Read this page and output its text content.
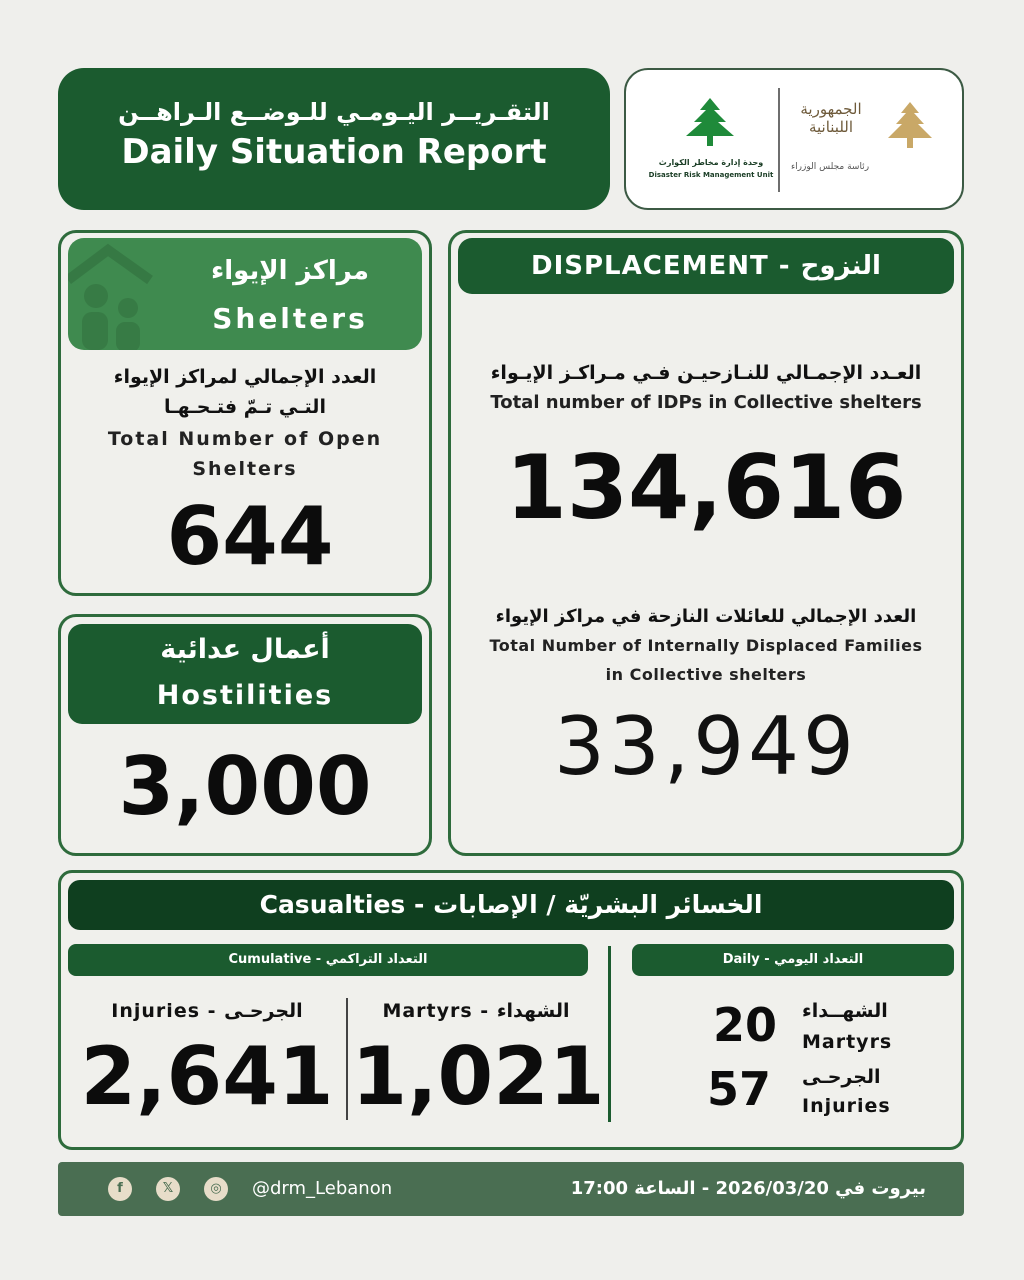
التقـريــر اليـومـي للـوضــع الـراهــن
Daily Situation Report	وحدة إدارة مخاطر الكوارث
Disaster Risk Management Unit
الجمهورية اللبنانية
رئاسة مجلس الوزراء
مراكز الإيواء
Shelters
العدد الإجمالي لمراكز الإيواء
التـي تـمّ فتـحـهـا
Total Number of Open
Shelters
644
أعمال عدائية
Hostilities
3,000
DISPLACEMENT - النزوح
العـدد الإجمـالي للنـازحيـن فـي مـراكـز الإيـواء
Total number of IDPs in Collective shelters
134,616
العدد الإجمالي للعائلات النازحة في مراكز الإيواء
Total Number of Internally Displaced Families
in Collective shelters
33,949
Casualties - الخسائر البشريّة / الإصابات
Cumulative - التعداد التراكمي	Daily - التعداد اليومي
Injuries - الجرحـى
2,641
Martyrs - الشهداء
1,021
20	الشهــداء
Martyrs
57	الجرحـى
Injuries
f	𝕏	◎	@drm_Lebanon	بيروت في 2026/03/20 - الساعة 17:00
